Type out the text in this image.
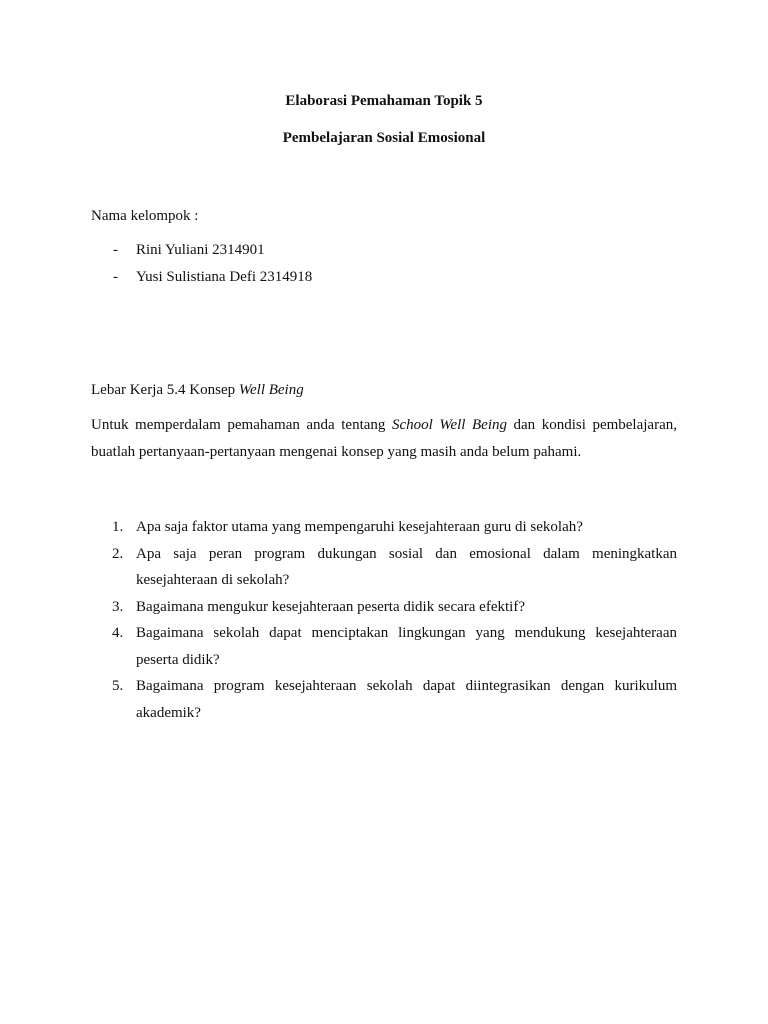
Elaborasi Pemahaman Topik 5
Pembelajaran Sosial Emosional
Nama kelompok :
- Rini Yuliani 2314901
- Yusi Sulistiana Defi 2314918
Lebar Kerja 5.4 Konsep Well Being
Untuk memperdalam pemahaman anda tentang School Well Being dan kondisi pembelajaran, buatlah pertanyaan-pertanyaan mengenai konsep yang masih anda belum pahami.
1. Apa saja faktor utama yang mempengaruhi kesejahteraan guru di sekolah?
2. Apa saja peran program dukungan sosial dan emosional dalam meningkatkan kesejahteraan di sekolah?
3. Bagaimana mengukur kesejahteraan peserta didik secara efektif?
4. Bagaimana sekolah dapat menciptakan lingkungan yang mendukung kesejahteraan peserta didik?
5. Bagaimana program kesejahteraan sekolah dapat diintegrasikan dengan kurikulum akademik?
